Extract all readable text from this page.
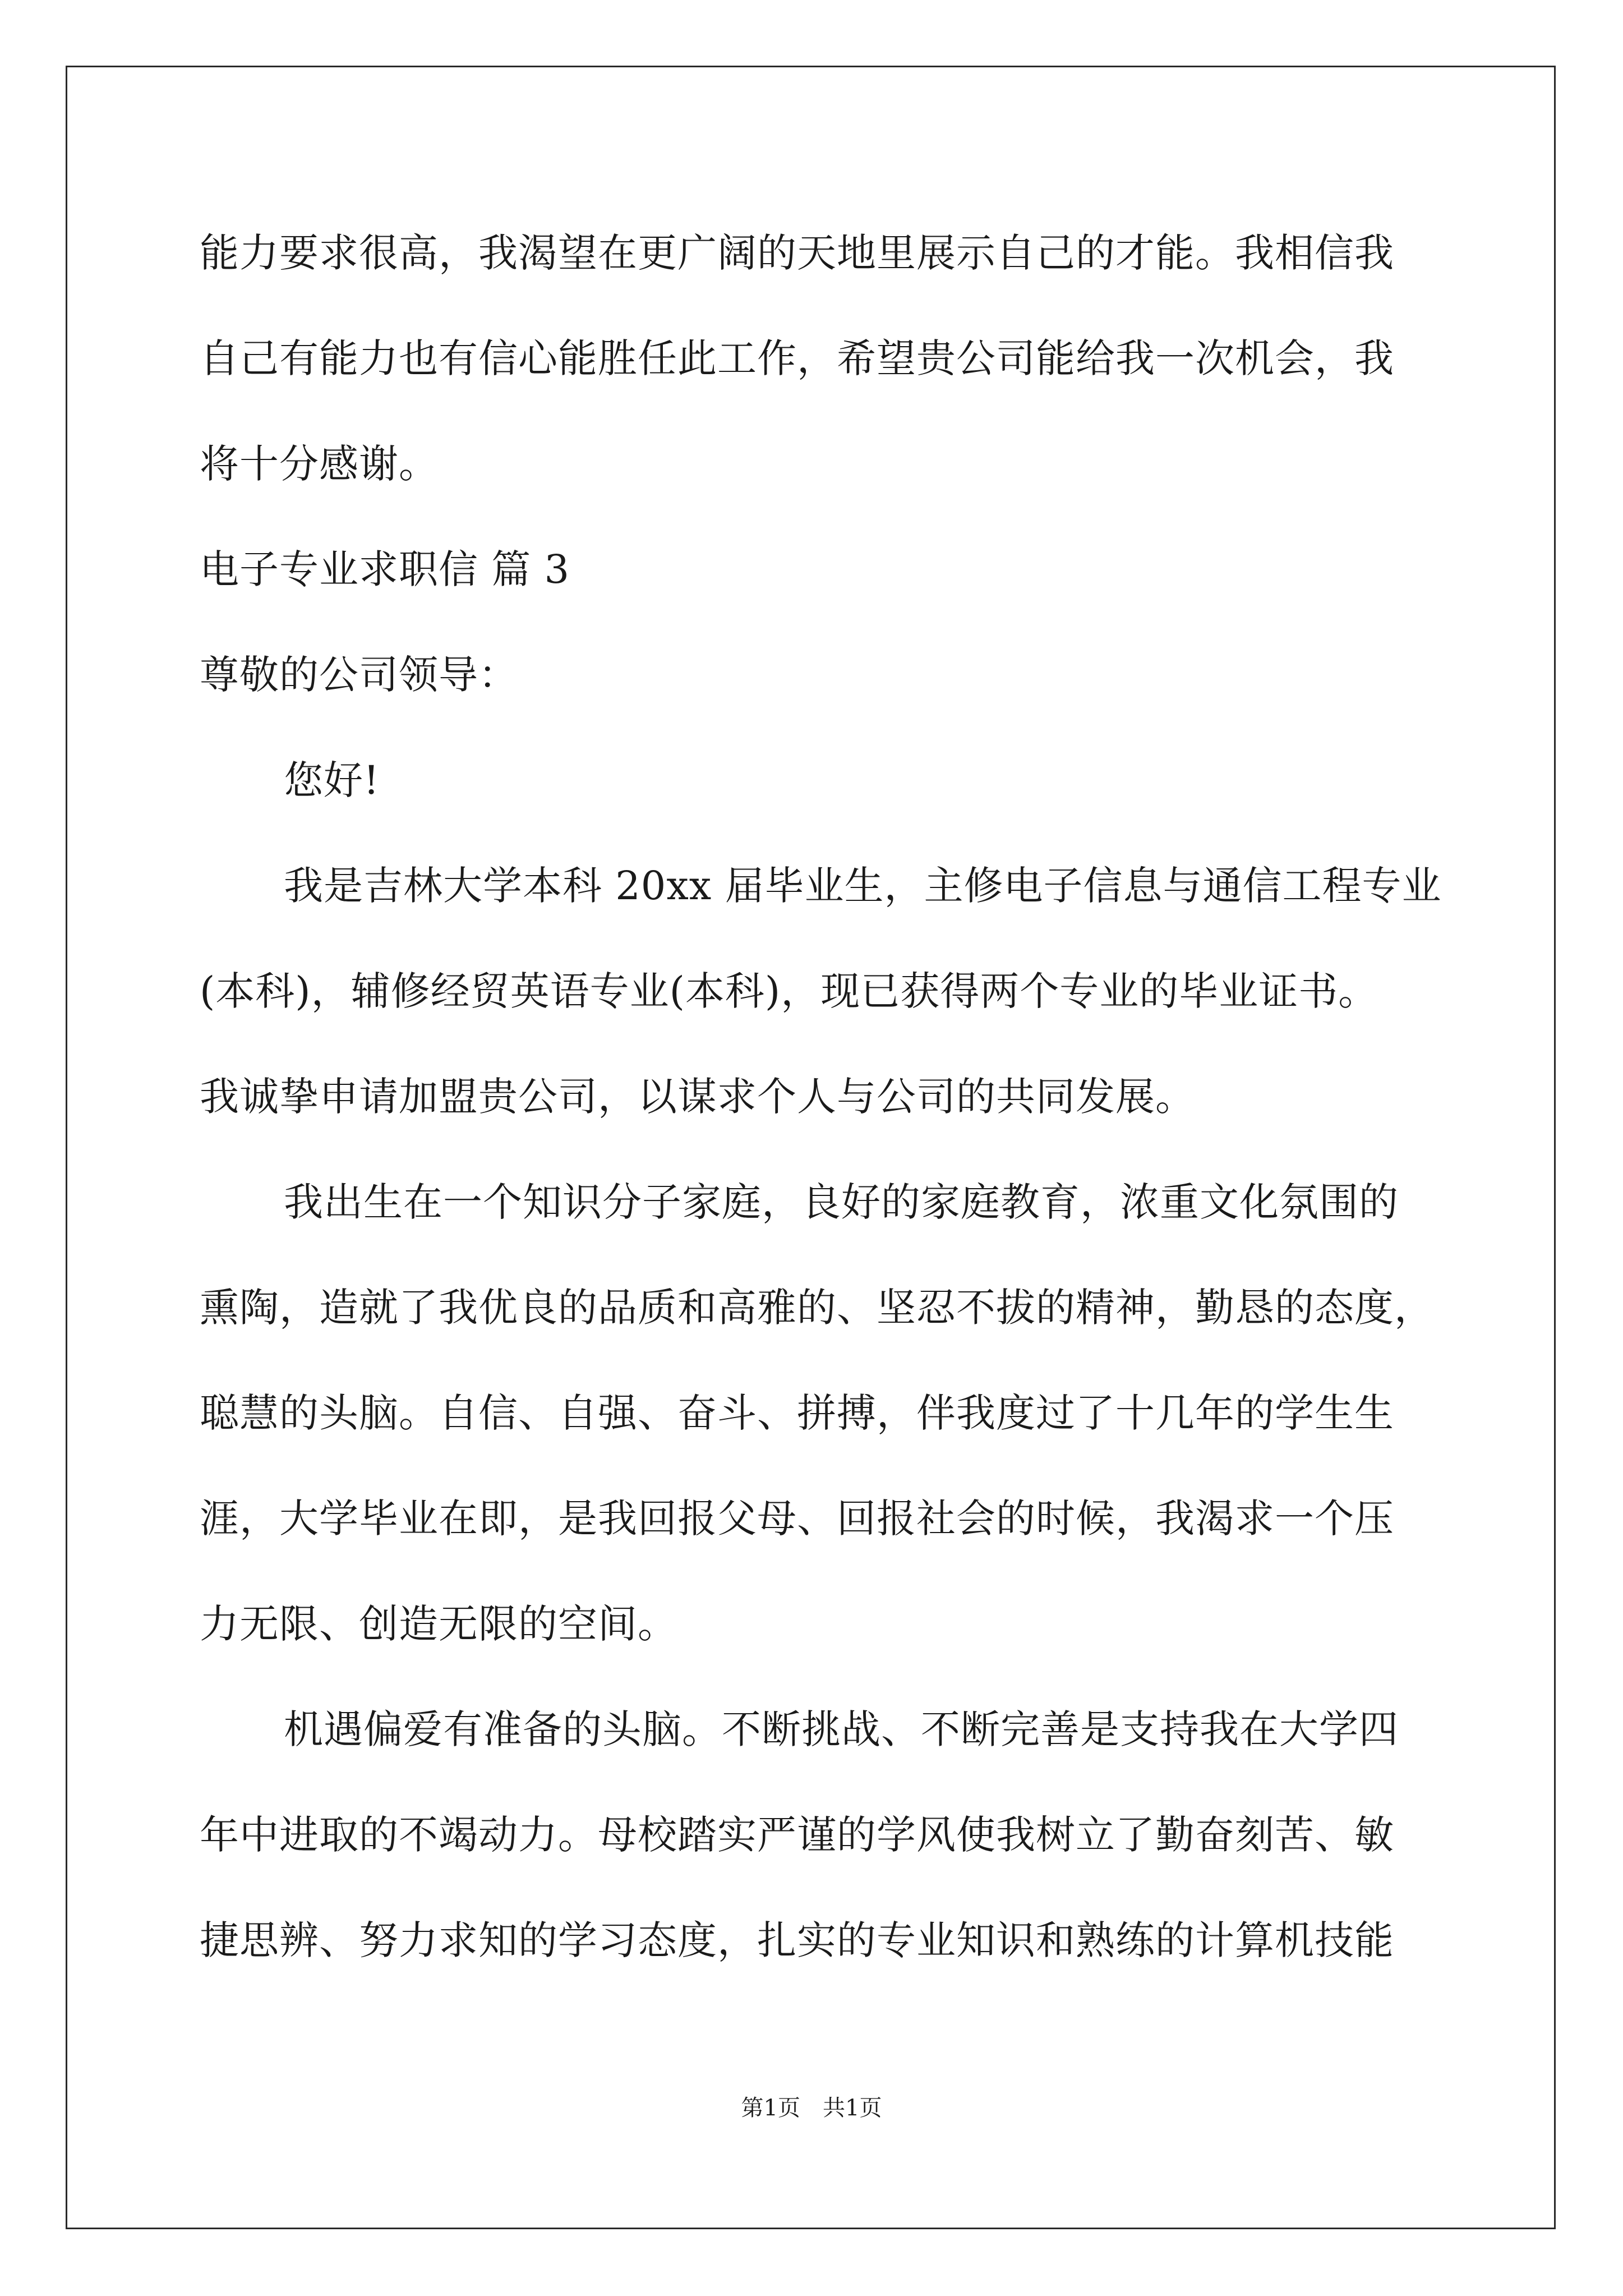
能力要求很高，我渴望在更广阔的天地里展示自己的才能。我相信我
自己有能力也有信心能胜任此工作，希望贵公司能给我一次机会，我
将十分感谢。
电子专业求职信 篇 3
尊敬的公司领导：
您好!
我是吉林大学本科 20xx 届毕业生，主修电子信息与通信工程专业
(本科)，辅修经贸英语专业(本科)，现已获得两个专业的毕业证书。
我诚挚申请加盟贵公司，以谋求个人与公司的共同发展。
我出生在一个知识分子家庭，良好的家庭教育，浓重文化氛围的
熏陶，造就了我优良的品质和高雅的、坚忍不拔的精神，勤恳的态度，
聪慧的头脑。自信、自强、奋斗、拼搏，伴我度过了十几年的学生生
涯，大学毕业在即，是我回报父母、回报社会的时候，我渴求一个压
力无限、创造无限的空间。
机遇偏爱有准备的头脑。不断挑战、不断完善是支持我在大学四
年中进取的不竭动力。母校踏实严谨的学风使我树立了勤奋刻苦、敏
捷思辨、努力求知的学习态度，扎实的专业知识和熟练的计算机技能
第1页 共1页
